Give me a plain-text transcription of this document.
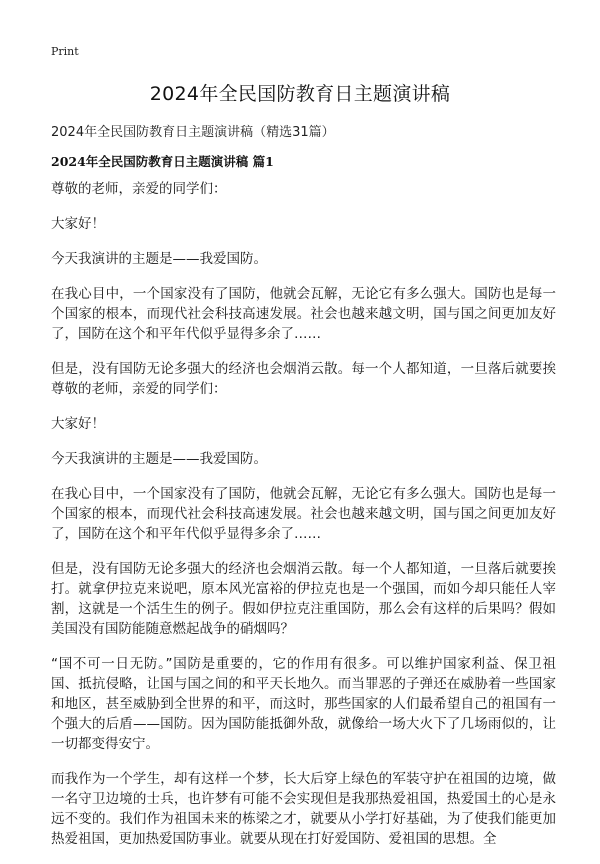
Print
2024年全民国防教育日主题演讲稿
2024年全民国防教育日主题演讲稿（精选31篇）
2024年全民国防教育日主题演讲稿 篇1

尊敬的老师，亲爱的同学们：

大家好！

今天我演讲的主题是——我爱国防。

在我心目中，一个国家没有了国防，他就会瓦解，无论它有多么强大。国防也是每一个国家的根本，而现代社会科技高速发展。社会也越来越文明，国与国之间更加友好了，国防在这个和平年代似乎显得多余了……

但是，没有国防无论多强大的经济也会烟消云散。每一个人都知道，一旦落后就要挨尊敬的老师，亲爱的同学们：

大家好！

今天我演讲的主题是——我爱国防。

在我心目中，一个国家没有了国防，他就会瓦解，无论它有多么强大。国防也是每一个国家的根本，而现代社会科技高速发展。社会也越来越文明，国与国之间更加友好了，国防在这个和平年代似乎显得多余了……

但是，没有国防无论多强大的经济也会烟消云散。每一个人都知道，一旦落后就要挨打。就拿伊拉克来说吧，原本风光富裕的伊拉克也是一个强国，而如今却只能任人宰割，这就是一个活生生的例子。假如伊拉克注重国防，那么会有这样的后果吗？假如美国没有国防能随意燃起战争的硝烟吗？

“国不可一日无防。”国防是重要的，它的作用有很多。可以维护国家利益、保卫祖国、抵抗侵略，让国与国之间的和平天长地久。而当罪恶的子弹还在威胁着一些国家和地区，甚至威胁到全世界的和平，而这时，那些国家的人们最希望自己的祖国有一个强大的后盾——国防。因为国防能抵御外敌，就像给一场大火下了几场雨似的，让一切都变得安宁。

而我作为一个学生，却有这样一个梦，长大后穿上绿色的军装守护在祖国的边境，做一名守卫边境的士兵，也许梦有可能不会实现但是我那热爱祖国，热爱国土的心是永远不变的。我们作为祖国未来的栋梁之才，就要从小学打好基础，为了使我们能更加热爱祖国，更加热爱国防事业。就要从现在打好爱国防、爱祖国的思想。全
